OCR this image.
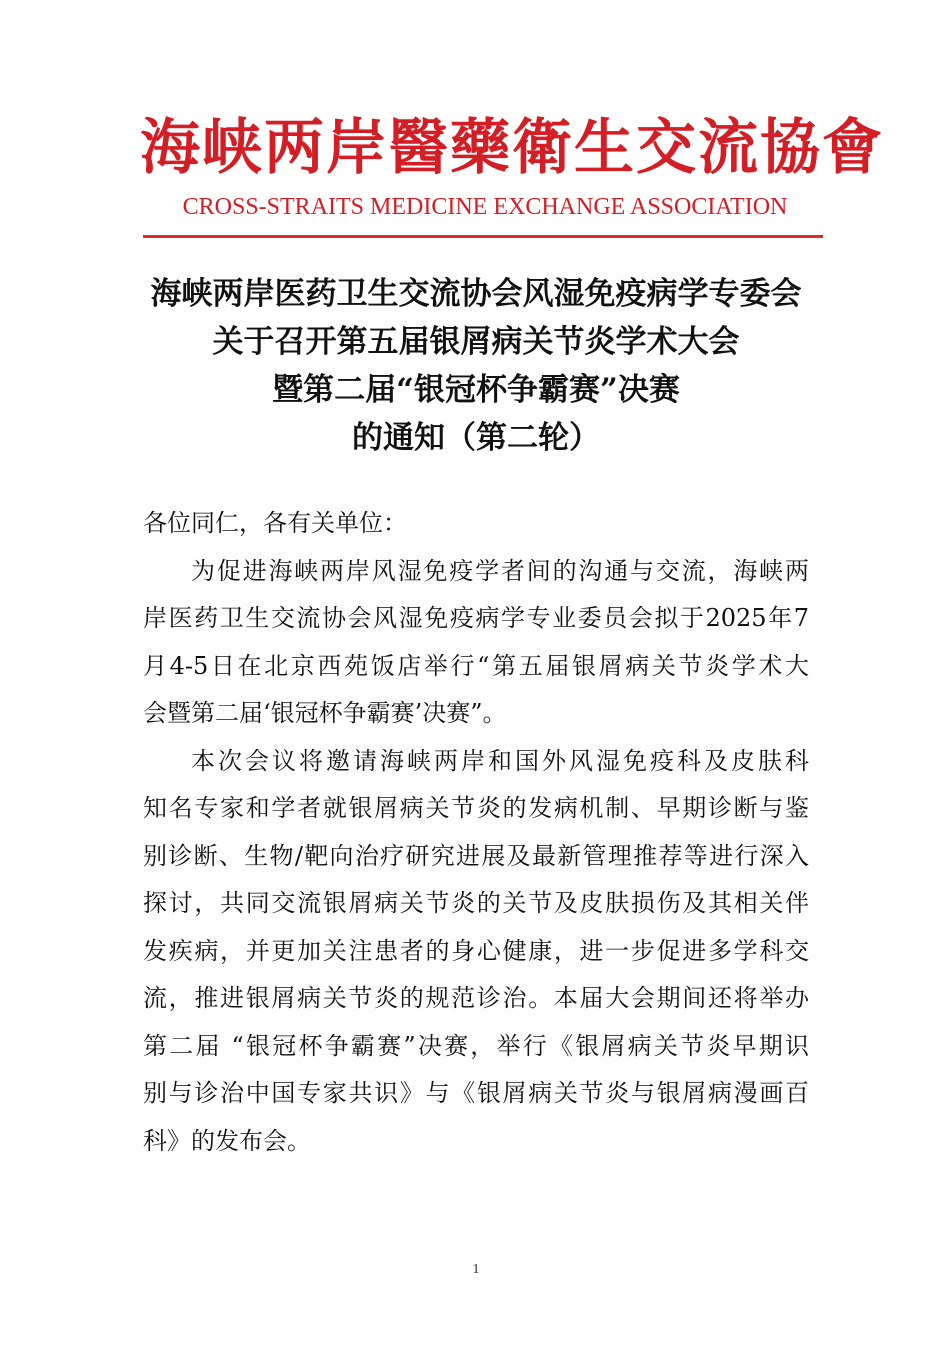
海峡两岸醫藥衛生交流協會
CROSS-STRAITS MEDICINE EXCHANGE ASSOCIATION
海峡两岸医药卫生交流协会风湿免疫病学专委会
关于召开第五届银屑病关节炎学术大会
暨第二届“银冠杯争霸赛”决赛
的通知（第二轮）
各位同仁，各有关单位：
为促进海峡两岸风湿免疫学者间的沟通与交流，海峡两
岸医药卫生交流协会风湿免疫病学专业委员会拟于2025年7
月4-5日在北京西苑饭店举行“第五届银屑病关节炎学术大
会暨第二届‘银冠杯争霸赛’决赛”。
本次会议将邀请海峡两岸和国外风湿免疫科及皮肤科
知名专家和学者就银屑病关节炎的发病机制、早期诊断与鉴
别诊断、生物/靶向治疗研究进展及最新管理推荐等进行深入
探讨，共同交流银屑病关节炎的关节及皮肤损伤及其相关伴
发疾病，并更加关注患者的身心健康，进一步促进多学科交
流，推进银屑病关节炎的规范诊治。本届大会期间还将举办
第二届 “银冠杯争霸赛”决赛，举行《银屑病关节炎早期识
别与诊治中国专家共识》与《银屑病关节炎与银屑病漫画百
科》的发布会。
1
